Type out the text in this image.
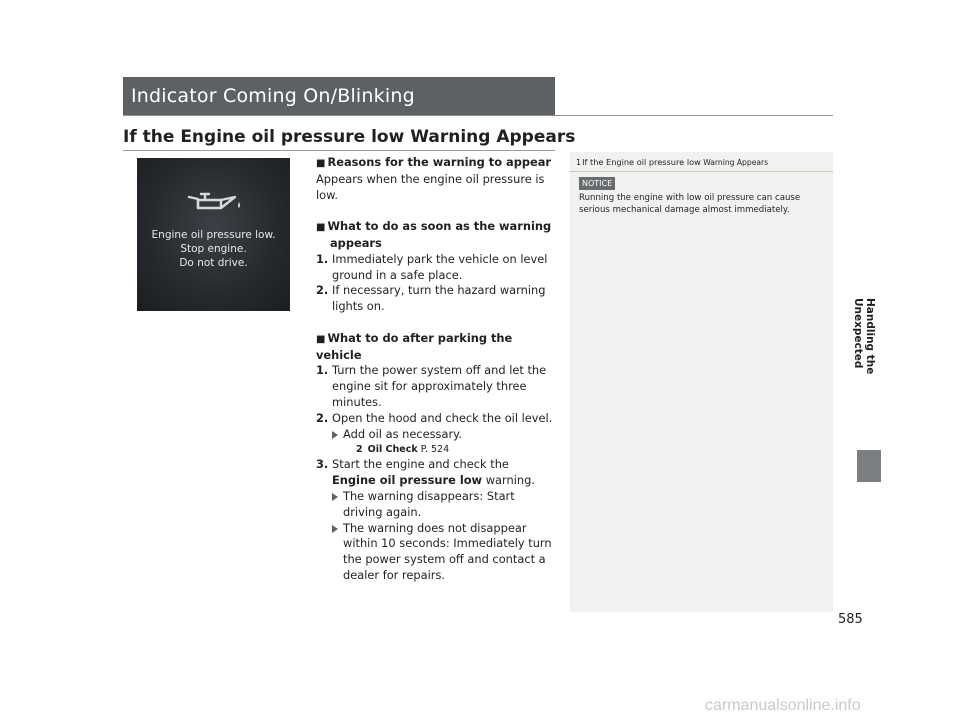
Indicator Coming On/Blinking
If the Engine oil pressure low Warning Appears
Engine oil pressure low.
Stop engine.
Do not drive.
■ Reasons for the warning to appear

Appears when the engine oil pressure is low.

■ What to do as soon as the warning
appears
1. Immediately park the vehicle on level ground in a safe place.
2. If necessary, turn the hazard warning lights on.
■ What to do after parking the vehicle
1. Turn the power system off and let the engine sit for approximately three minutes.
2. Open the hood and check the oil level.
Add oil as necessary.
2 Oil Check P. 524
3. Start the engine and check the Engine oil pressure low warning.
The warning disappears: Start driving again.
The warning does not disappear within 10 seconds: Immediately turn the power system off and contact a dealer for repairs.
1If the Engine oil pressure low Warning Appears
NOTICE
Running the engine with low oil pressure can cause serious mechanical damage almost immediately.
Handling the Unexpected
585
carmanualsonline.info
